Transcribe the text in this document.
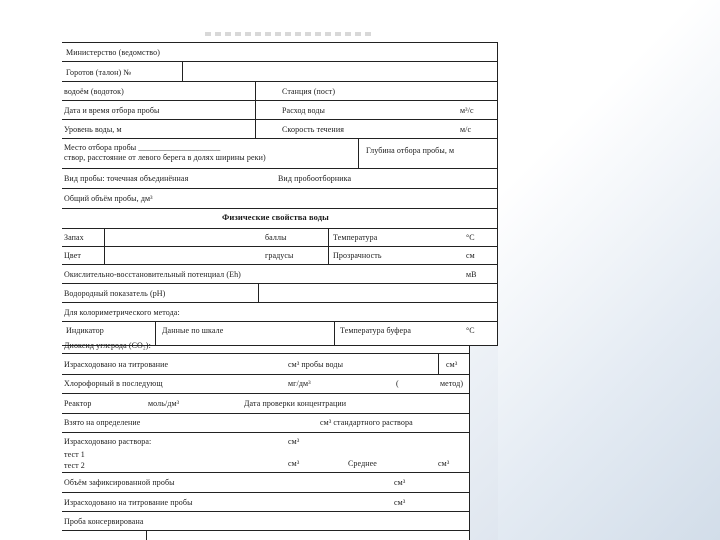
Министерство (ведомство)
Горотов (талон) №
водоём (водоток)	Станция (пост)
Дата и время отбора пробы	Расход воды	м³/с
Уровень воды, м	Скорость течения	м/с
Место отбора пробы ____________________
створ, расстояние от левого берега в долях ширины реки)
Глубина отбора пробы, м
Вид пробы: точечная объединённая	Вид пробоотборника
Общий объём пробы, дм³
Физические свойства воды
Запах	баллы	Температура	°С
Цвет	градусы	Прозрачность	см
Окислительно-восстановительный потенциал (Eh)	мВ
Водородный показатель (pH)
Для колориметрического метода:
Индикатор	Данные по шкале	Температура буфера	°С
Диоксид углерода (CO₂):
Израсходовано на титрование	см³ пробы воды	см³
Хлорофорный в последующ	мг/дм³	(	метод)
Реактор	моль/дм³	Дата проверки концентрации
Взято на определение	см³ стандартного раствора
Израсходовано раствора:	см³
тест 1
тест 2	см³	Среднее	см³
Объём зафиксированной пробы	см³
Израсходовано на титрование пробы	см³
Проба консервирована
